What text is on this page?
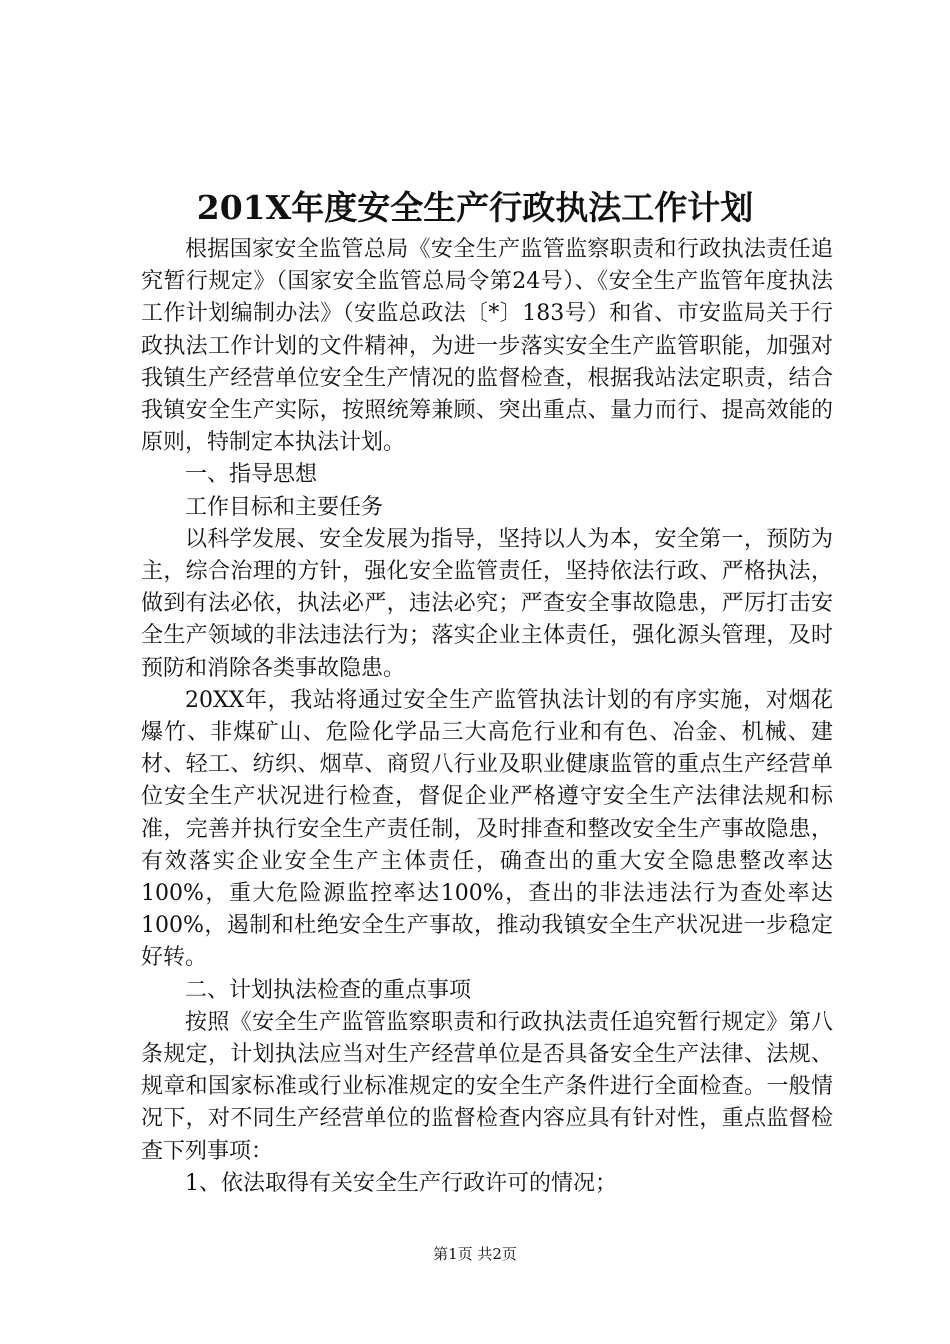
201X年度安全生产行政执法工作计划

根据国家安全监管总局《安全生产监管监察职责和行政执法责任追究暂行规定》（国家安全监管总局令第24号）、《安全生产监管年度执法工作计划编制办法》（安监总政法〔*〕183号）和省、市安监局关于行政执法工作计划的文件精神，为进一步落实安全生产监管职能，加强对我镇生产经营单位安全生产情况的监督检查，根据我站法定职责，结合我镇安全生产实际，按照统筹兼顾、突出重点、量力而行、提高效能的原则，特制定本执法计划。

一、指导思想

工作目标和主要任务

以科学发展、安全发展为指导，坚持以人为本，安全第一，预防为主，综合治理的方针，强化安全监管责任，坚持依法行政、严格执法，做到有法必依，执法必严，违法必究；严查安全事故隐患，严厉打击安全生产领域的非法违法行为；落实企业主体责任，强化源头管理，及时预防和消除各类事故隐患。

20XX年，我站将通过安全生产监管执法计划的有序实施，对烟花爆竹、非煤矿山、危险化学品三大高危行业和有色、冶金、机械、建材、轻工、纺织、烟草、商贸八行业及职业健康监管的重点生产经营单位安全生产状况进行检查，督促企业严格遵守安全生产法律法规和标准，完善并执行安全生产责任制，及时排查和整改安全生产事故隐患，有效落实企业安全生产主体责任，确查出的重大安全隐患整改率达100%，重大危险源监控率达100%，查出的非法违法行为查处率达100%，遏制和杜绝安全生产事故，推动我镇安全生产状况进一步稳定好转。

二、计划执法检查的重点事项

按照《安全生产监管监察职责和行政执法责任追究暂行规定》第八条规定，计划执法应当对生产经营单位是否具备安全生产法律、法规、规章和国家标准或行业标准规定的安全生产条件进行全面检查。一般情况下，对不同生产经营单位的监督检查内容应具有针对性，重点监督检查下列事项：

1、依法取得有关安全生产行政许可的情况；

第1页 共2页
